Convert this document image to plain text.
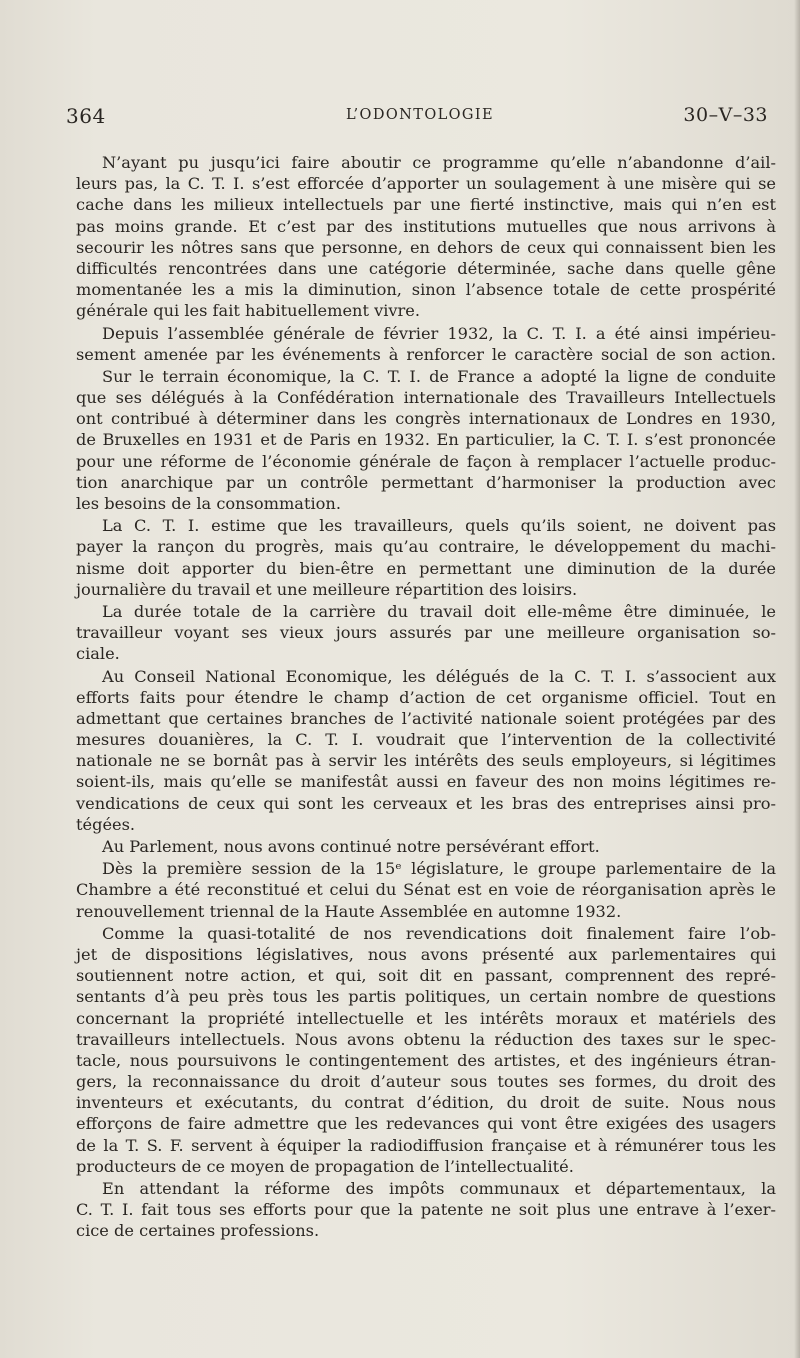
364	L’ODONTOLOGIE	30–V–33
N’ayant pu jusqu’ici faire aboutir ce programme qu’elle n’abandonne d’ail-
leurs pas, la C. T. I. s’est efforcée d’apporter un soulagement à une misère qui se
cache dans les milieux intellectuels par une fierté instinctive, mais qui n’en est
pas moins grande. Et c’est par des institutions mutuelles que nous arrivons à
secourir les nôtres sans que personne, en dehors de ceux qui connaissent bien les
difficultés rencontrées dans une catégorie déterminée, sache dans quelle gêne
momentanée les a mis la diminution, sinon l’absence totale de cette prospérité
générale qui les fait habituellement vivre.
Depuis l’assemblée générale de février 1932, la C. T. I. a été ainsi impérieu-
sement amenée par les événements à renforcer le caractère social de son action.
Sur le terrain économique, la C. T. I. de France a adopté la ligne de conduite
que ses délégués à la Confédération internationale des Travailleurs Intellectuels
ont contribué à déterminer dans les congrès internationaux de Londres en 1930,
de Bruxelles en 1931 et de Paris en 1932. En particulier, la C. T. I. s’est prononcée
pour une réforme de l’économie générale de façon à remplacer l’actuelle produc-
tion anarchique par un contrôle permettant d’harmoniser la production avec
les besoins de la consommation.
La C. T. I. estime que les travailleurs, quels qu’ils soient, ne doivent pas
payer la rançon du progrès, mais qu’au contraire, le développement du machi-
nisme doit apporter du bien-être en permettant une diminution de la durée
journalière du travail et une meilleure répartition des loisirs.
La durée totale de la carrière du travail doit elle-même être diminuée, le
travailleur voyant ses vieux jours assurés par une meilleure organisation so-
ciale.
Au Conseil National Economique, les délégués de la C. T. I. s’associent aux
efforts faits pour étendre le champ d’action de cet organisme officiel. Tout en
admettant que certaines branches de l’activité nationale soient protégées par des
mesures douanières, la C. T. I. voudrait que l’intervention de la collectivité
nationale ne se bornât pas à servir les intérêts des seuls employeurs, si légitimes
soient-ils, mais qu’elle se manifestât aussi en faveur des non moins légitimes re-
vendications de ceux qui sont les cerveaux et les bras des entreprises ainsi pro-
tégées.
Au Parlement, nous avons continué notre persévérant effort.
Dès la première session de la 15ᵉ législature, le groupe parlementaire de la
Chambre a été reconstitué et celui du Sénat est en voie de réorganisation après le
renouvellement triennal de la Haute Assemblée en automne 1932.
Comme la quasi-totalité de nos revendications doit finalement faire l’ob-
jet de dispositions législatives, nous avons présenté aux parlementaires qui
soutiennent notre action, et qui, soit dit en passant, comprennent des repré-
sentants d’à peu près tous les partis politiques, un certain nombre de questions
concernant la propriété intellectuelle et les intérêts moraux et matériels des
travailleurs intellectuels. Nous avons obtenu la réduction des taxes sur le spec-
tacle, nous poursuivons le contingentement des artistes, et des ingénieurs étran-
gers, la reconnaissance du droit d’auteur sous toutes ses formes, du droit des
inventeurs et exécutants, du contrat d’édition, du droit de suite. Nous nous
efforçons de faire admettre que les redevances qui vont être exigées des usagers
de la T. S. F. servent à équiper la radiodiffusion française et à rémunérer tous les
producteurs de ce moyen de propagation de l’intellectualité.
En attendant la réforme des impôts communaux et départementaux, la
C. T. I. fait tous ses efforts pour que la patente ne soit plus une entrave à l’exer-
cice de certaines professions.
